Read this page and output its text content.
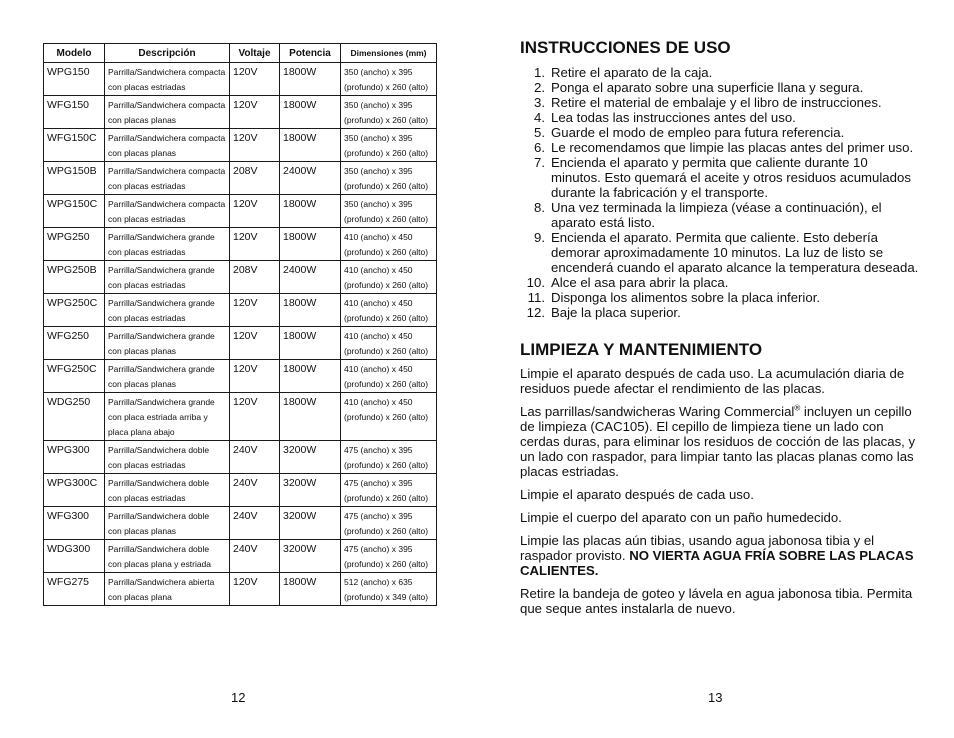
Modelo	Descripción	Voltaje	Potencia	Dimensiones (mm)
WPG150	Parrilla/Sandwichera compacta
con placas estriadas	120V	1800W	350 (ancho) x 395
(profundo) x 260 (alto)

WFG150	Parrilla/Sandwichera compacta
con placas planas	120V	1800W	350 (ancho) x 395
(profundo) x 260 (alto)

WFG150C	Parrilla/Sandwichera compacta
con placas planas	120V	1800W	350 (ancho) x 395
(profundo) x 260 (alto)

WPG150B	Parrilla/Sandwichera compacta
con placas estriadas	208V	2400W	350 (ancho) x 395
(profundo) x 260 (alto)

WPG150C	Parrilla/Sandwichera compacta
con placas estriadas	120V	1800W	350 (ancho) x 395
(profundo) x 260 (alto)

WPG250	Parrilla/Sandwichera grande
con placas estriadas	120V	1800W	410 (ancho) x 450
(profundo) x 260 (alto)

WPG250B	Parrilla/Sandwichera grande
con placas estriadas	208V	2400W	410 (ancho) x 450
(profundo) x 260 (alto)

WPG250C	Parrilla/Sandwichera grande
con placas estriadas	120V	1800W	410 (ancho) x 450
(profundo) x 260 (alto)

WFG250	Parrilla/Sandwichera grande
con placas planas	120V	1800W	410 (ancho) x 450
(profundo) x 260 (alto)

WFG250C	Parrilla/Sandwichera grande
con placas planas	120V	1800W	410 (ancho) x 450
(profundo) x 260 (alto)

WDG250	Parrilla/Sandwichera grande
con placa estriada arriba y
placa plana abajo	120V	1800W	410 (ancho) x 450
(profundo) x 260 (alto)

WPG300	Parrilla/Sandwichera doble
con placas estriadas	240V	3200W	475 (ancho) x 395
(profundo) x 260 (alto)

WPG300C	Parrilla/Sandwichera doble
con placas estriadas	240V	3200W	475 (ancho) x 395
(profundo) x 260 (alto)

WFG300	Parrilla/Sandwichera doble
con placas planas	240V	3200W	475 (ancho) x 395
(profundo) x 260 (alto)

WDG300	Parrilla/Sandwichera doble
con placas plana y estriada	240V	3200W	475 (ancho) x 395
(profundo) x 260 (alto)

WFG275	Parrilla/Sandwichera abierta
con placas plana	120V	1800W	512 (ancho) x 635
(profundo) x 349 (alto)
12
INSTRUCCIONES DE USO
1. Retire el aparato de la caja.
2. Ponga el aparato sobre una superficie llana y segura.
3. Retire el material de embalaje y el libro de instrucciones.
4. Lea todas las instrucciones antes del uso.
5. Guarde el modo de empleo para futura referencia.
6. Le recomendamos que limpie las placas antes del primer uso.
7. Encienda el aparato y permita que caliente durante 10 minutos. Esto quemará el aceite y otros residuos acumulados durante la fabricación y el transporte.
8. Una vez terminada la limpieza (véase a continuación), el aparato está listo.
9. Encienda el aparato. Permita que caliente. Esto debería demorar aproximadamente 10 minutos. La luz de listo se encenderá cuando el aparato alcance la temperatura deseada.
10. Alce el asa para abrir la placa.
11. Disponga los alimentos sobre la placa inferior.
12. Baje la placa superior.
LIMPIEZA Y MANTENIMIENTO

Limpie el aparato después de cada uso. La acumulación diaria de residuos puede afectar el rendimiento de las placas.

Las parrillas/sandwicheras Waring Commercial® incluyen un cepillo de limpieza (CAC105). El cepillo de limpieza tiene un lado con cerdas duras, para eliminar los residuos de cocción de las placas, y un lado con raspador, para limpiar tanto las placas planas como las placas estriadas.

Limpie el aparato después de cada uso.

Limpie el cuerpo del aparato con un paño humedecido.

Limpie las placas aún tibias, usando agua jabonosa tibia y el raspador provisto. NO VIERTA AGUA FRÍA SOBRE LAS PLACAS CALIENTES.

Retire la bandeja de goteo y lávela en agua jabonosa tibia. Permita que seque antes instalarla de nuevo.

13
